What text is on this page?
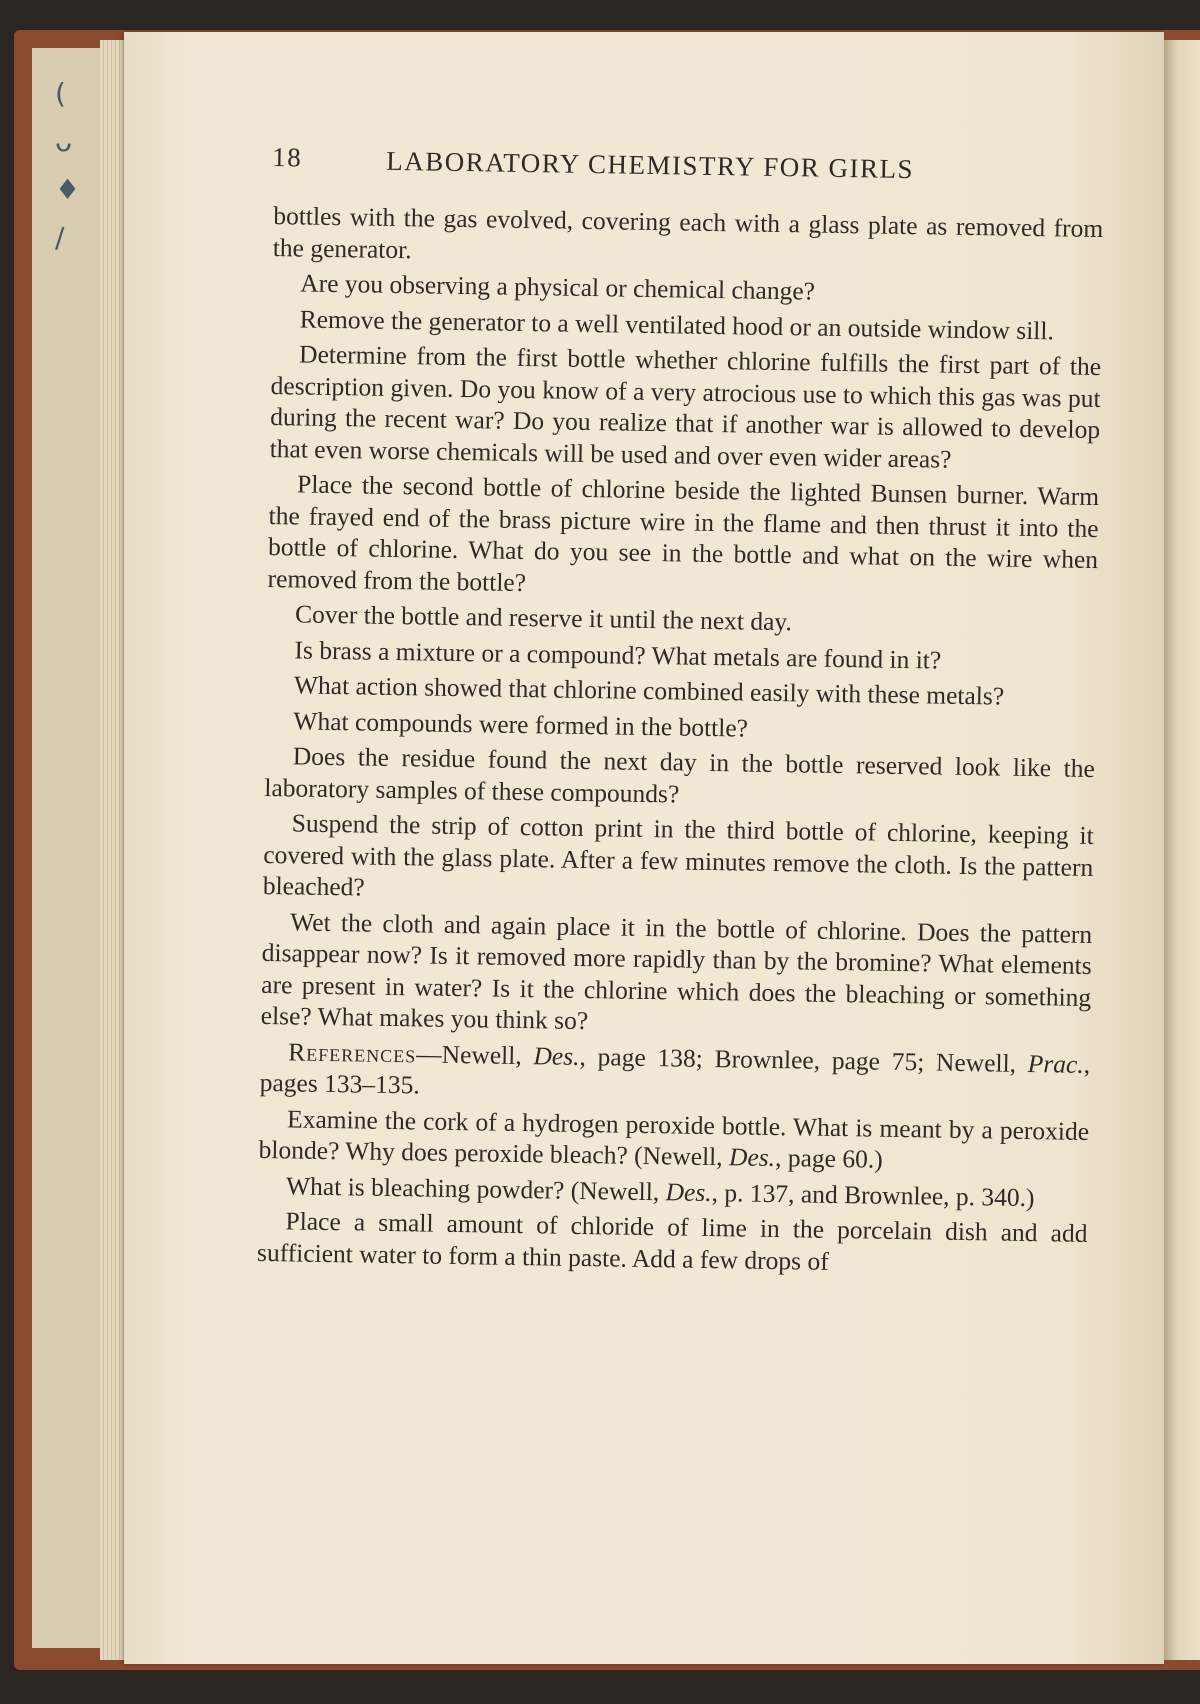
( ᴗ ♦ /
18	LABORATORY CHEMISTRY FOR GIRLS

bottles with the gas evolved, covering each with a glass plate as removed from the generator.

Are you observing a physical or chemical change?

Remove the generator to a well ventilated hood or an outside window sill.

Determine from the first bottle whether chlorine fulfills the first part of the description given. Do you know of a very atrocious use to which this gas was put during the recent war? Do you realize that if another war is allowed to develop that even worse chemicals will be used and over even wider areas?

Place the second bottle of chlorine beside the lighted Bunsen burner. Warm the frayed end of the brass picture wire in the flame and then thrust it into the bottle of chlorine. What do you see in the bottle and what on the wire when removed from the bottle?

Cover the bottle and reserve it until the next day.

Is brass a mixture or a compound? What metals are found in it?

What action showed that chlorine combined easily with these metals?

What compounds were formed in the bottle?

Does the residue found the next day in the bottle reserved look like the laboratory samples of these compounds?

Suspend the strip of cotton print in the third bottle of chlorine, keeping it covered with the glass plate. After a few minutes remove the cloth. Is the pattern bleached?

Wet the cloth and again place it in the bottle of chlorine. Does the pattern disappear now? Is it removed more rapidly than by the bromine? What elements are present in water? Is it the chlorine which does the bleaching or something else? What makes you think so?

References—Newell, Des., page 138; Brownlee, page 75; Newell, Prac., pages 133–135.

Examine the cork of a hydrogen peroxide bottle. What is meant by a peroxide blonde? Why does peroxide bleach? (Newell, Des., page 60.)

What is bleaching powder? (Newell, Des., p. 137, and Brownlee, p. 340.)

Place a small amount of chloride of lime in the porcelain dish and add sufficient water to form a thin paste. Add a few drops of
